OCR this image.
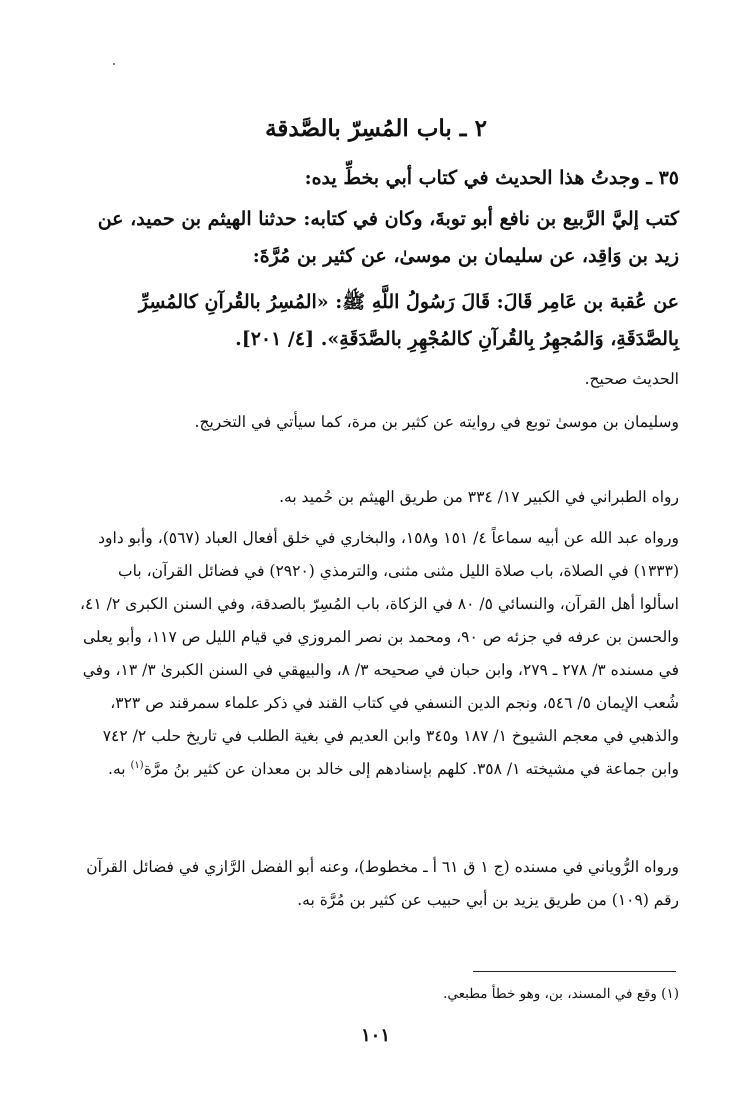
٢ ـ باب المُسِرّ بالصَّدقة

٣٥ ـ وجدتُ هذا الحديث في كتاب أبي بخطِّ يده:

كتب إليَّ الرَّبيع بن نافع أبو توبةَ، وكان في كتابه: حدثنا الهيثم بن حميد، عن زيد بن وَاقِد، عن سليمان بن موسىٰ، عن كثير بن مُرَّةَ:

عن عُقبة بن عَامِر قَالَ: قَالَ رَسُولُ اللَّهِ ﷺ: «المُسِرُ بالقُرآنِ كالمُسِرِّ بِالصَّدَقَةِ، وَالمُجهِرُ بِالقُرآنِ كالمُجْهِرِ بالصَّدَقَةِ». [٤/ ٢٠١].

الحديث صحيح.

وسليمان بن موسىٰ توبع في روايته عن كثير بن مرة، كما سيأتي في التخريج.

رواه الطبراني في الكبير ١٧/ ٣٣٤ من طريق الهيثم بن حُميد به.

ورواه عبد الله عن أبيه سماعاً ٤/ ١٥١ و١٥٨، والبخاري في خلق أفعال العباد (٥٦٧)، وأبو داود (١٣٣٣) في الصلاة، باب صلاة الليل مثنى مثنى، والترمذي (٢٩٢٠) في فضائل القرآن، باب اسألوا أهل القرآن، والنسائي ٥/ ٨٠ في الزكاة، باب المُسِرّ بالصدقة، وفي السنن الكبرى ٢/ ٤١، والحسن بن عرفه في جزئه ص ٩٠، ومحمد بن نصر المروزي في قيام الليل ص ١١٧، وأبو يعلى في مسنده ٣/ ٢٧٨ ـ ٢٧٩، وابن حبان في صحيحه ٣/ ٨، والبيهقي في السنن الكبرىٰ ٣/ ١٣، وفي شُعب الإيمان ٥/ ٥٤٦، ونجم الدين النسفي في كتاب القند في ذكر علماء سمرقند ص ٣٢٣، والذهبي في معجم الشيوخ ١/ ١٨٧ و٣٤٥ وابن العديم في بغية الطلب في تاريخ حلب ٢/ ٧٤٢ وابن جماعة في مشيخته ١/ ٣٥٨. كلهم بإسنادهم إلى خالد بن معدان عن كثير بنُ مرَّة$^{(١)}$ به.

ورواه الرُّوياني في مسنده (ج ١ ق ٦١ أ ـ مخطوط)، وعنه أبو الفضل الرَّازي في فضائل القرآن رقم (١٠٩) من طريق يزيد بن أبي حبيب عن كثير بن مُرَّة به.

(١) وقع في المسند، بن، وهو خطأ مطبعي.

١٠١
